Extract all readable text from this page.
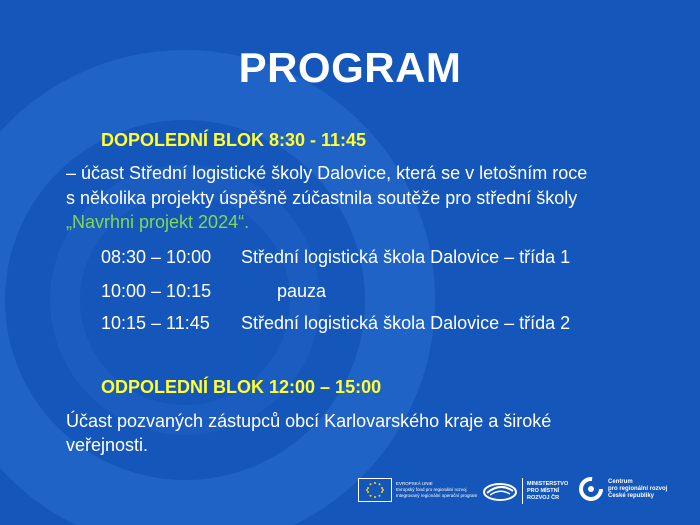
PROGRAM
DOPOLEDNÍ BLOK 8:30 - 11:45
– účast Střední logistické školy Dalovice, která se v letošním roce
s několika projekty úspěšně zúčastnila soutěže pro střední školy
„Navrhni projekt 2024“.
08:30 – 10:00 Střední logistická škola Dalovice – třída 1
10:00 – 10:15	pauza
10:15 – 11:45 Střední logistická škola Dalovice – třída 2
ODPOLEDNÍ BLOK 12:00 – 15:00
Účast pozvaných zástupců obcí Karlovarského kraje a široké
veřejnosti.
EVROPSKÁ UNIE
Evropský fond pro regionální rozvoj
Integrovaný regionální operační program
MINISTERSTVO
PRO MÍSTNÍ
ROZVOJ ČR
Centrum
pro regionální rozvoj
České republiky
